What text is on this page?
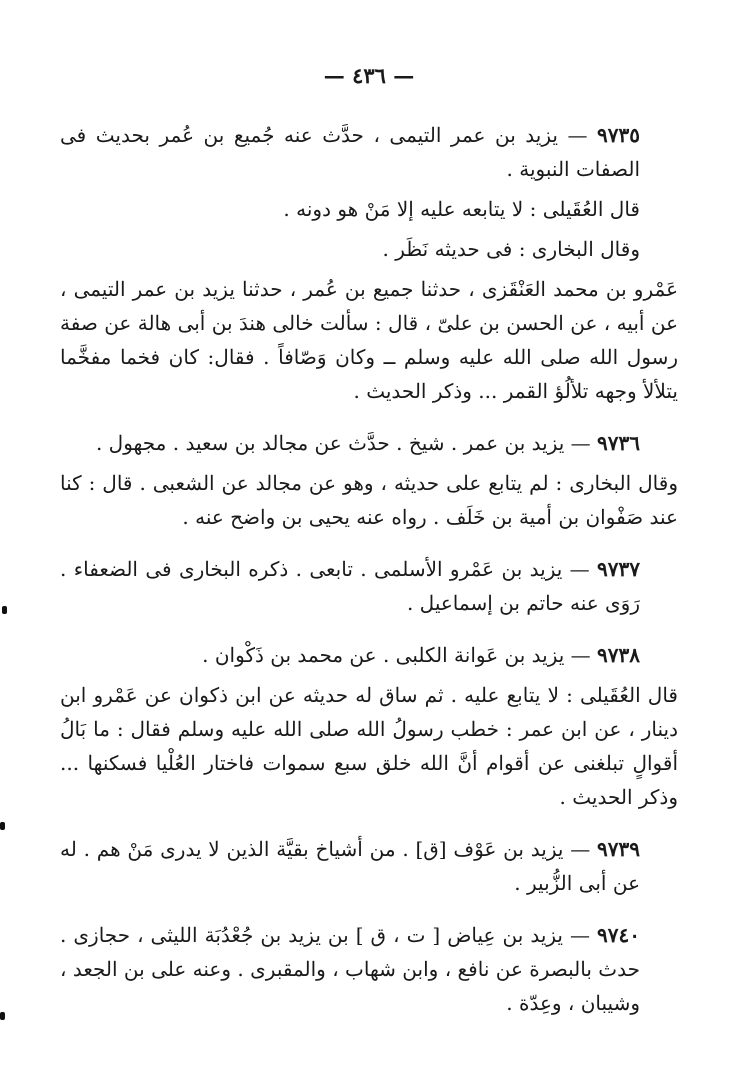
— ٤٣٦ —

٩٧٣٥ — يزيد بن عمر التيمى ، حدَّث عنه جُميع بن عُمر بحديث فى الصفات النبوية .

قال العُقَيلى : لا يتابعه عليه إلا مَنْ هو دونه .

وقال البخارى : فى حديثه نَظَر .

عَمْرو بن محمد العَنْقَزى ، حدثنا جميع بن عُمر ، حدثنا يزيد بن عمر التيمى ، عن أبيه ، عن الحسن بن علىّ ، قال : سألت خالى هندَ بن أبى هالة عن صفة رسول الله صلى الله عليه وسلم ــ وكان وَصّافاً . فقال: كان فخما مفخَّما يتلألأ وجهه تلألُؤ القمر ... وذكر الحديث .

٩٧٣٦ — يزيد بن عمر . شيخ . حدَّث عن مجالد بن سعيد . مجهول .

وقال البخارى : لم يتابع على حديثه ، وهو عن مجالد عن الشعبى . قال : كنا عند صَفْوان بن أمية بن خَلَف . رواه عنه يحيى بن واضح عنه .

٩٧٣٧ — يزيد بن عَمْرو الأسلمى . تابعى . ذكره البخارى فى الضعفاء . رَوَى عنه حاتم بن إسماعيل .

٩٧٣٨ — يزيد بن عَوانة الكلبى . عن محمد بن ذَكْوان .

قال العُقَيلى : لا يتابع عليه . ثم ساق له حديثه عن ابن ذكوان عن عَمْرو ابن دينار ، عن ابن عمر : خطب رسولُ الله صلى الله عليه وسلم فقال : ما بَالُ أقوالٍ تبلغنى عن أقوام أنَّ الله خلق سبع سموات فاختار العُلْيا فسكنها ... وذكر الحديث .

٩٧٣٩ — يزيد بن عَوْف [ق] . من أشياخ بقيَّة الذين لا يدرى مَنْ هم . له عن أبى الزُّبير .

٩٧٤٠ — يزيد بن عِياض [ ت ، ق ] بن يزيد بن جُعْدُبَة الليثى ، حجازى . حدث بالبصرة عن نافع ، وابن شهاب ، والمقبرى . وعنه على بن الجعد ، وشيبان ، وعِدّة .
